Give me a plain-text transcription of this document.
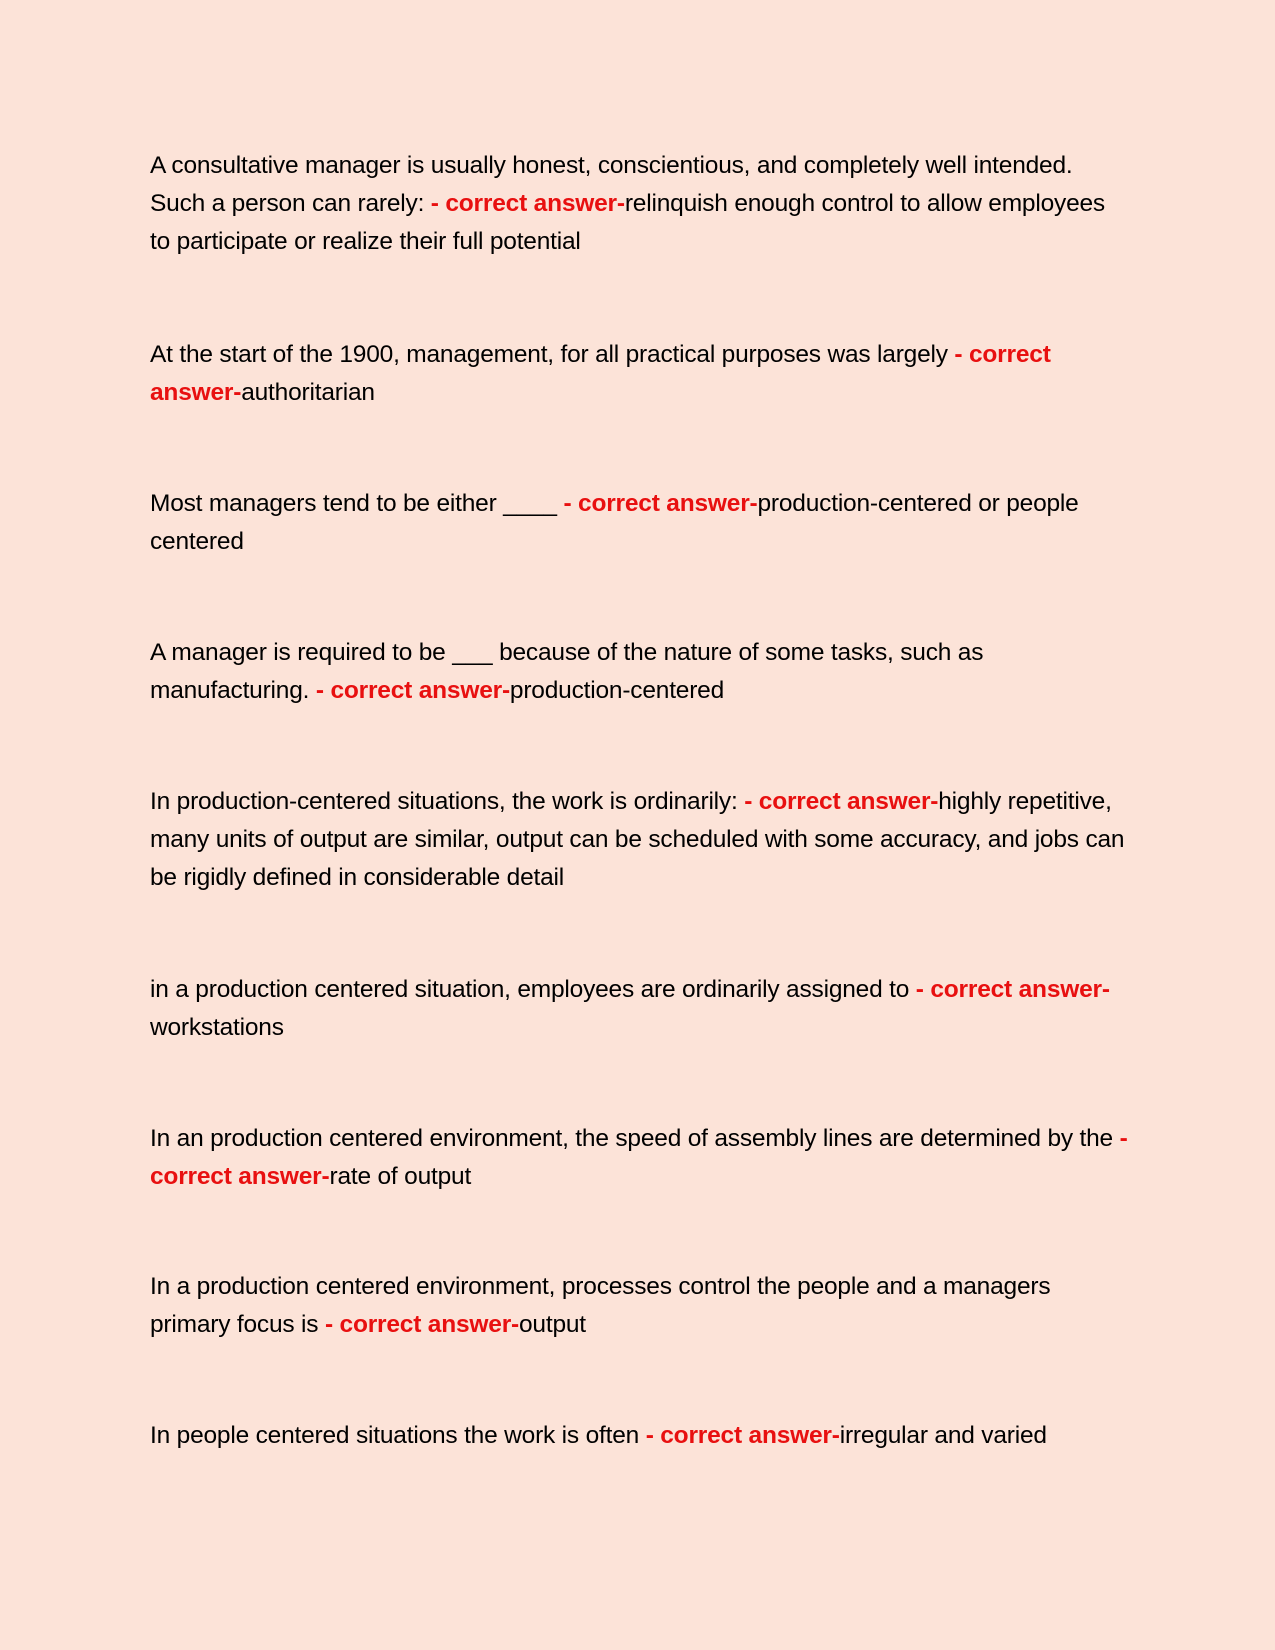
A consultative manager is usually honest, conscientious, and completely well intended. Such a person can rarely: - correct answer-relinquish enough control to allow employees to participate or realize their full potential

At the start of the 1900, management, for all practical purposes was largely - correct answer-authoritarian

Most managers tend to be either ____ - correct answer-production-centered or people centered

A manager is required to be ___ because of the nature of some tasks, such as manufacturing. - correct answer-production-centered

In production-centered situations, the work is ordinarily: - correct answer-highly repetitive, many units of output are similar, output can be scheduled with some accuracy, and jobs can be rigidly defined in considerable detail

in a production centered situation, employees are ordinarily assigned to - correct answer-workstations

In an production centered environment, the speed of assembly lines are determined by the - correct answer-rate of output

In a production centered environment, processes control the people and a managers primary focus is - correct answer-output

In people centered situations the work is often - correct answer-irregular and varied
